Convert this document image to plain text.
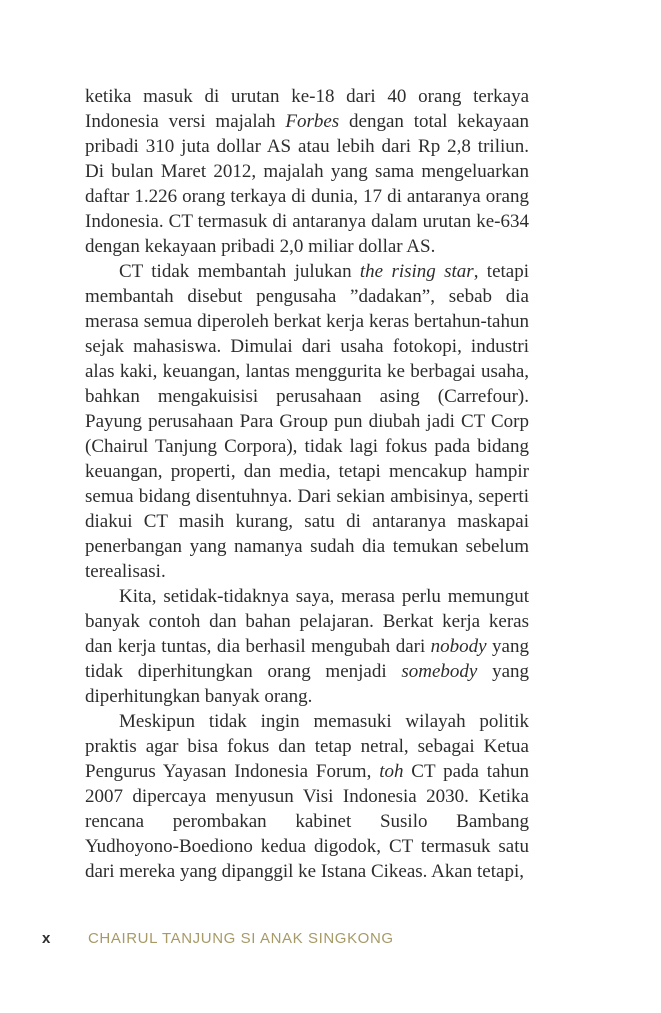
ketika masuk di urutan ke-18 dari 40 orang terkaya Indonesia versi majalah Forbes dengan total kekayaan pribadi 310 juta dollar AS atau lebih dari Rp 2,8 triliun. Di bulan Maret 2012, majalah yang sama mengeluarkan daftar 1.226 orang terkaya di dunia, 17 di antaranya orang Indonesia. CT termasuk di antaranya dalam urutan ke-634 dengan kekayaan pribadi 2,0 miliar dollar AS.

CT tidak membantah julukan the rising star, tetapi membantah disebut pengusaha ”dadakan”, sebab dia merasa semua diperoleh berkat kerja keras bertahun-tahun sejak mahasiswa. Dimulai dari usaha fotokopi, industri alas kaki, keuangan, lantas menggurita ke berbagai usaha, bahkan mengakuisisi perusahaan asing (Carrefour). Payung perusahaan Para Group pun diubah jadi CT Corp (Chairul Tanjung Corpora), tidak lagi fokus pada bidang keuangan, properti, dan media, tetapi mencakup hampir semua bidang disentuhnya. Dari sekian ambisinya, seperti diakui CT masih kurang, satu di antaranya maskapai penerbangan yang namanya sudah dia temukan sebelum terealisasi.

Kita, setidak-tidaknya saya, merasa perlu memungut banyak contoh dan bahan pelajaran. Berkat kerja keras dan kerja tuntas, dia berhasil mengubah dari nobody yang tidak diperhitungkan orang menjadi somebody yang diperhitungkan banyak orang.

Meskipun tidak ingin memasuki wilayah politik praktis agar bisa fokus dan tetap netral, sebagai Ketua Pengurus Yayasan Indonesia Forum, toh CT pada tahun 2007 dipercaya menyusun Visi Indonesia 2030. Ketika rencana perombakan kabinet Susilo Bambang Yudhoyono-Boediono kedua digodok, CT termasuk satu dari mereka yang dipanggil ke Istana Cikeas. Akan tetapi,

x	CHAIRUL TANJUNG SI ANAK SINGKONG
